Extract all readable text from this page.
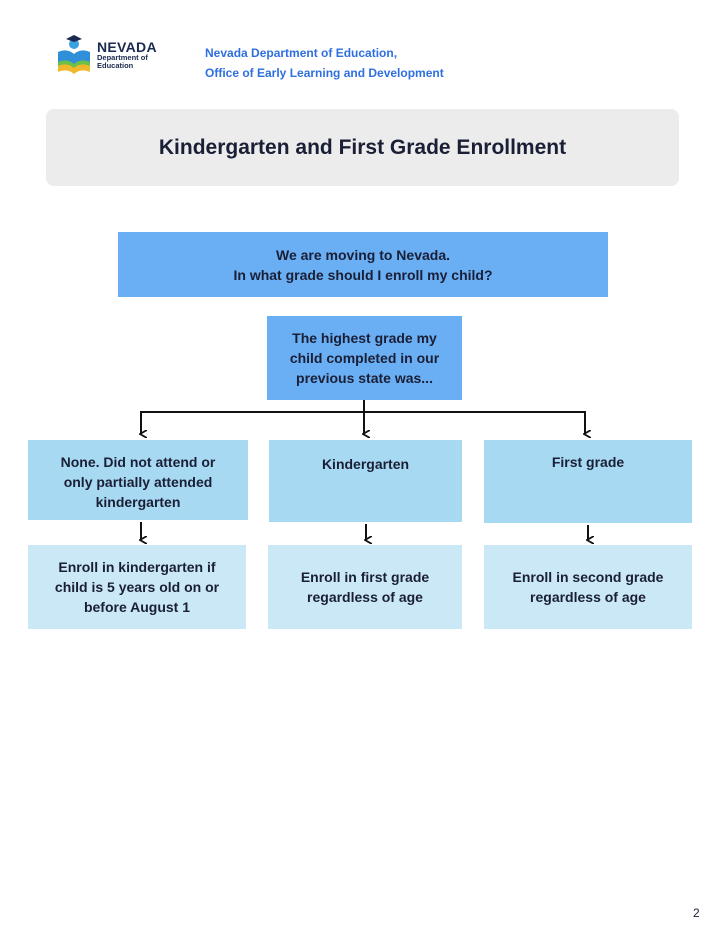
NEVADA
Department of
Education
Nevada Department of Education,
Office of Early Learning and Development
Kindergarten and First Grade Enrollment
We are moving to Nevada.
In what grade should I enroll my child?
The highest grade my
child completed in our
previous state was...
None. Did not attend or
only partially attended
kindergarten
Kindergarten	First grade
Enroll in kindergarten if
child is 5 years old on or
before August 1
Enroll in first grade
regardless of age
Enroll in second grade
regardless of age
2
